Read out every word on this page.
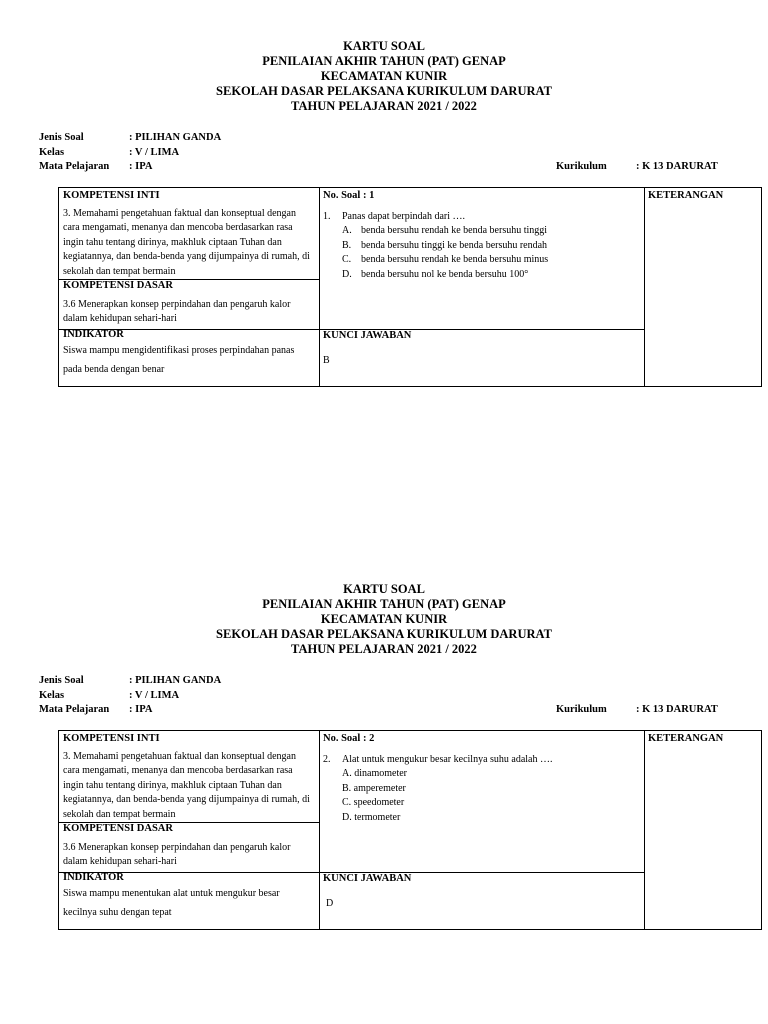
KARTU SOAL
PENILAIAN AKHIR TAHUN (PAT) GENAP
KECAMATAN KUNIR
SEKOLAH DASAR PELAKSANA KURIKULUM DARURAT
TAHUN PELAJARAN 2021 / 2022
Jenis Soal	: PILIHAN GANDA
Kelas	: V / LIMA
Mata Pelajaran : IPA	Kurikulum	: K 13 DARURAT
KOMPETENSI INTI
3. Memahami pengetahuan faktual dan konseptual dengan cara mengamati, menanya dan mencoba berdasarkan rasa ingin tahu tentang dirinya, makhluk ciptaan Tuhan dan kegiatannya, dan benda-benda yang dijumpainya di rumah, di sekolah dan tempat bermain
KOMPETENSI DASAR
3.6 Menerapkan konsep perpindahan dan pengaruh kalor dalam kehidupan sehari-hari
INDIKATOR
Siswa mampu mengidentifikasi proses perpindahan panas pada benda dengan benar
No. Soal : 1
1. Panas dapat berpindah dari ….
A. benda bersuhu rendah ke benda bersuhu tinggi
B. benda bersuhu tinggi ke benda bersuhu rendah
C. benda bersuhu rendah ke benda bersuhu minus
D. benda bersuhu nol ke benda bersuhu 100°
KUNCI JAWABAN
B
KETERANGAN
KARTU SOAL
PENILAIAN AKHIR TAHUN (PAT) GENAP
KECAMATAN KUNIR
SEKOLAH DASAR PELAKSANA KURIKULUM DARURAT
TAHUN PELAJARAN 2021 / 2022
Jenis Soal	: PILIHAN GANDA
Kelas	: V / LIMA
Mata Pelajaran : IPA	Kurikulum	: K 13 DARURAT
KOMPETENSI INTI
3. Memahami pengetahuan faktual dan konseptual dengan cara mengamati, menanya dan mencoba berdasarkan rasa ingin tahu tentang dirinya, makhluk ciptaan Tuhan dan kegiatannya, dan benda-benda yang dijumpainya di rumah, di sekolah dan tempat bermain
KOMPETENSI DASAR
3.6 Menerapkan konsep perpindahan dan pengaruh kalor dalam kehidupan sehari-hari
INDIKATOR
Siswa mampu menentukan alat untuk mengukur besar kecilnya suhu dengan tepat
No. Soal : 2
2. Alat untuk mengukur besar kecilnya suhu adalah ….
A. dinamometer
B. amperemeter
C. speedometer
D. termometer
KUNCI JAWABAN
D
KETERANGAN
